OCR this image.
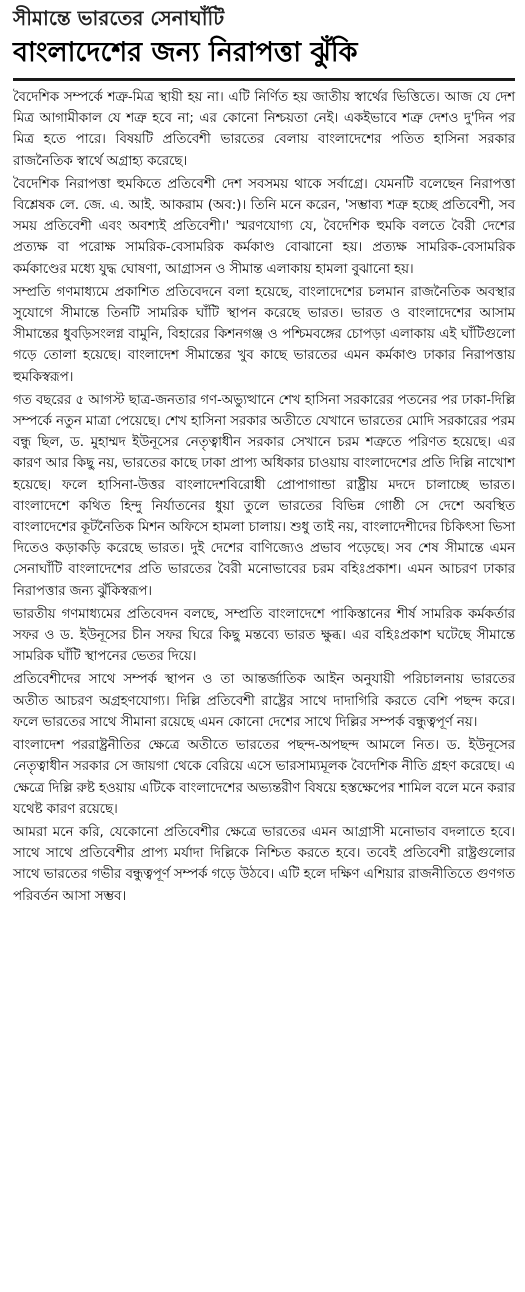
সীমান্তে ভারতের সেনাঘাঁটি
বাংলাদেশের জন্য নিরাপত্তা ঝুঁকি

বৈদেশিক সম্পর্কে শত্রু-মিত্র স্থায়ী হয় না। এটি নির্ণিত হয় জাতীয় স্বার্থের ভিত্তিতে। আজ যে দেশ মিত্র আগামীকাল যে শত্রু হবে না; এর কোনো নিশ্চয়তা নেই। একইভাবে শত্রু দেশও দু'দিন পর মিত্র হতে পারে। বিষয়টি প্রতিবেশী ভারতের বেলায় বাংলাদেশের পতিত হাসিনা সরকার রাজনৈতিক স্বার্থে অগ্রাহ্য করেছে।

বৈদেশিক নিরাপত্তা হুমকিতে প্রতিবেশী দেশ সবসময় থাকে সর্বাগ্রে। যেমনটি বলেছেন নিরাপত্তা বিশ্লেষক লে. জে. এ. আই. আকরাম (অব:)। তিনি মনে করেন, 'সম্ভাব্য শত্রু হচ্ছে প্রতিবেশী, সব সময় প্রতিবেশী এবং অবশ্যই প্রতিবেশী।' স্মরণযোগ্য যে, বৈদেশিক হুমকি বলতে বৈরী দেশের প্রত্যক্ষ বা পরোক্ষ সামরিক-বেসামরিক কর্মকাণ্ড বোঝানো হয়। প্রত্যক্ষ সামরিক-বেসামরিক কর্মকাণ্ডের মধ্যে যুদ্ধ ঘোষণা, আগ্রাসন ও সীমান্ত এলাকায় হামলা বুঝানো হয়।

সম্প্রতি গণমাধ্যমে প্রকাশিত প্রতিবেদনে বলা হয়েছে, বাংলাদেশের চলমান রাজনৈতিক অবস্থার সুযোগে সীমান্তে তিনটি সামরিক ঘাঁটি স্থাপন করেছে ভারত। ভারত ও বাংলাদেশের আসাম সীমান্তের ধুবড়িসংলগ্ন বামুনি, বিহারের কিশনগঞ্জ ও পশ্চিমবঙ্গের চোপড়া এলাকায় এই ঘাঁটিগুলো গড়ে তোলা হয়েছে। বাংলাদেশ সীমান্তের খুব কাছে ভারতের এমন কর্মকাণ্ড ঢাকার নিরাপত্তায় হুমকিস্বরূপ।

গত বছরের ৫ আগস্ট ছাত্র-জনতার গণ-অভ্যুত্থানে শেখ হাসিনা সরকারের পতনের পর ঢাকা-দিল্লি সম্পর্কে নতুন মাত্রা পেয়েছে। শেখ হাসিনা সরকার অতীতে যেখানে ভারতের মোদি সরকারের পরম বন্ধু ছিল, ড. মুহাম্মদ ইউনূসের নেতৃত্বাধীন সরকার সেখানে চরম শত্রুতে পরিণত হয়েছে। এর কারণ আর কিছু নয়, ভারতের কাছে ঢাকা প্রাপ্য অধিকার চাওয়ায় বাংলাদেশের প্রতি দিল্লি নাখোশ হয়েছে। ফলে হাসিনা-উত্তর বাংলাদেশবিরোধী প্রোপাগান্ডা রাষ্ট্রীয় মদদে চালাচ্ছে ভারত। বাংলাদেশে কথিত হিন্দু নির্যাতনের ধুয়া তুলে ভারতের বিভিন্ন গোষ্ঠী সে দেশে অবস্থিত বাংলাদেশের কূটনৈতিক মিশন অফিসে হামলা চালায়। শুধু তাই নয়, বাংলাদেশীদের চিকিৎসা ভিসা দিতেও কড়াকড়ি করেছে ভারত। দুই দেশের বাণিজ্যেও প্রভাব পড়েছে। সব শেষ সীমান্তে এমন সেনাঘাঁটি বাংলাদেশের প্রতি ভারতের বৈরী মনোভাবের চরম বহিঃপ্রকাশ। এমন আচরণ ঢাকার নিরাপত্তার জন্য ঝুঁকিস্বরূপ।

ভারতীয় গণমাধ্যমের প্রতিবেদন বলছে, সম্প্রতি বাংলাদেশে পাকিস্তানের শীর্ষ সামরিক কর্মকর্তার সফর ও ড. ইউনূসের চীন সফর ঘিরে কিছু মন্তব্যে ভারত ক্ষুব্ধ। এর বহিঃপ্রকাশ ঘটেছে সীমান্তে সামরিক ঘাঁটি স্থাপনের ভেতর দিয়ে।

প্রতিবেশীদের সাথে সম্পর্ক স্থাপন ও তা আন্তর্জাতিক আইন অনুযায়ী পরিচালনায় ভারতের অতীত আচরণ অগ্রহণযোগ্য। দিল্লি প্রতিবেশী রাষ্ট্রের সাথে দাদাগিরি করতে বেশি পছন্দ করে। ফলে ভারতের সাথে সীমানা রয়েছে এমন কোনো দেশের সাথে দিল্লির সম্পর্ক বন্ধুত্বপূর্ণ নয়।

বাংলাদেশ পররাষ্ট্রনীতির ক্ষেত্রে অতীতে ভারতের পছন্দ-অপছন্দ আমলে নিত। ড. ইউনূসের নেতৃত্বাধীন সরকার সে জায়গা থেকে বেরিয়ে এসে ভারসাম্যমূলক বৈদেশিক নীতি গ্রহণ করেছে। এ ক্ষেত্রে দিল্লি রুষ্ট হওয়ায় এটিকে বাংলাদেশের অভ্যন্তরীণ বিষয়ে হস্তক্ষেপের শামিল বলে মনে করার যথেষ্ট কারণ রয়েছে।

আমরা মনে করি, যেকোনো প্রতিবেশীর ক্ষেত্রে ভারতের এমন আগ্রাসী মনোভাব বদলাতে হবে। সাথে সাথে প্রতিবেশীর প্রাপ্য মর্যাদা দিল্লিকে নিশ্চিত করতে হবে। তবেই প্রতিবেশী রাষ্ট্রগুলোর সাথে ভারতের গভীর বন্ধুত্বপূর্ণ সম্পর্ক গড়ে উঠবে। এটি হলে দক্ষিণ এশিয়ার রাজনীতিতে গুণগত পরিবর্তন আসা সম্ভব।
